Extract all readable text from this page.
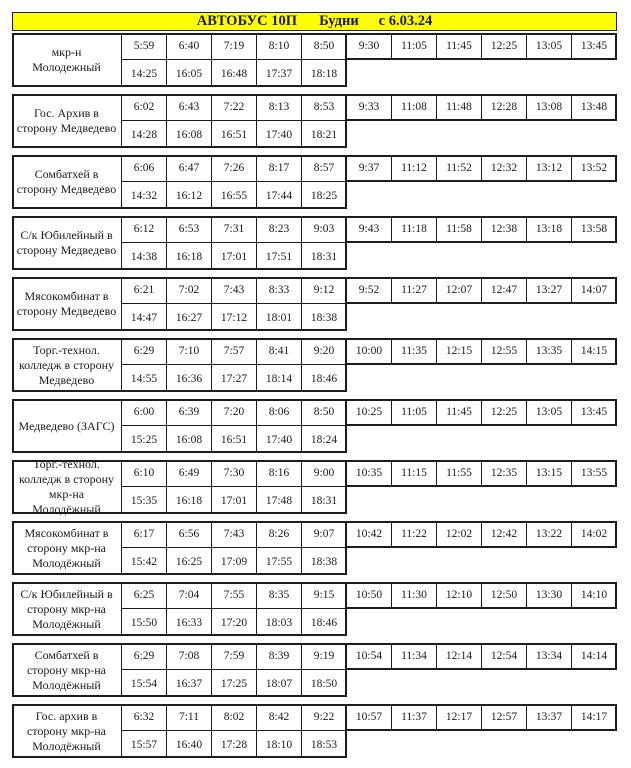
АВТОБУС 10П Будни с 6.03.24
мкр-н Молодежный
5:59	6:40	7:19	8:10	8:50	9:30	11:05	11:45	12:25	13:05	13:45
14:25	16:05	16:48	17:37	18:18
Гос. Архив в сторону Медведево
6:02	6:43	7:22	8:13	8:53	9:33	11:08	11:48	12:28	13:08	13:48
14:28	16:08	16:51	17:40	18:21
Сомбатхей в сторону Медведево
6:06	6:47	7:26	8:17	8:57	9:37	11:12	11:52	12:32	13:12	13:52
14:32	16:12	16:55	17:44	18:25
С/к Юбилейный в сторону Медведево
6:12	6:53	7:31	8:23	9:03	9:43	11:18	11:58	12:38	13:18	13:58
14:38	16:18	17:01	17:51	18:31
Мясокомбинат в сторону Медведево
6:21	7:02	7:43	8:33	9:12	9:52	11:27	12:07	12:47	13:27	14:07
14:47	16:27	17:12	18:01	18:38
Торг.-технол. колледж в сторону Медведево
6:29	7:10	7:57	8:41	9:20	10:00	11:35	12:15	12:55	13:35	14:15
14:55	16:36	17:27	18:14	18:46
Медведево (ЗАГС)
6:00	6:39	7:20	8:06	8:50	10:25	11:05	11:45	12:25	13:05	13:45
15:25	16:08	16:51	17:40	18:24
Торг.-технол. колледж в сторону мкр-на Молодёжный
6:10	6:49	7:30	8:16	9:00	10:35	11:15	11:55	12:35	13:15	13:55
15:35	16:18	17:01	17:48	18:31
Мясокомбинат в сторону мкр-на Молодёжный
6:17	6:56	7:43	8:26	9:07	10:42	11:22	12:02	12:42	13:22	14:02
15:42	16:25	17:09	17:55	18:38
С/к Юбилейный в сторону мкр-на Молодёжный
6:25	7:04	7:55	8:35	9:15	10:50	11:30	12:10	12:50	13:30	14:10
15:50	16:33	17:20	18:03	18:46
Сомбатхей в сторону мкр-на Молодёжный
6:29	7:08	7:59	8:39	9:19	10:54	11:34	12:14	12:54	13:34	14:14
15:54	16:37	17:25	18:07	18:50
Гос. архив в сторону мкр-на Молодёжный
6:32	7:11	8:02	8:42	9:22	10:57	11:37	12:17	12:57	13:37	14:17
15:57	16:40	17:28	18:10	18:53
